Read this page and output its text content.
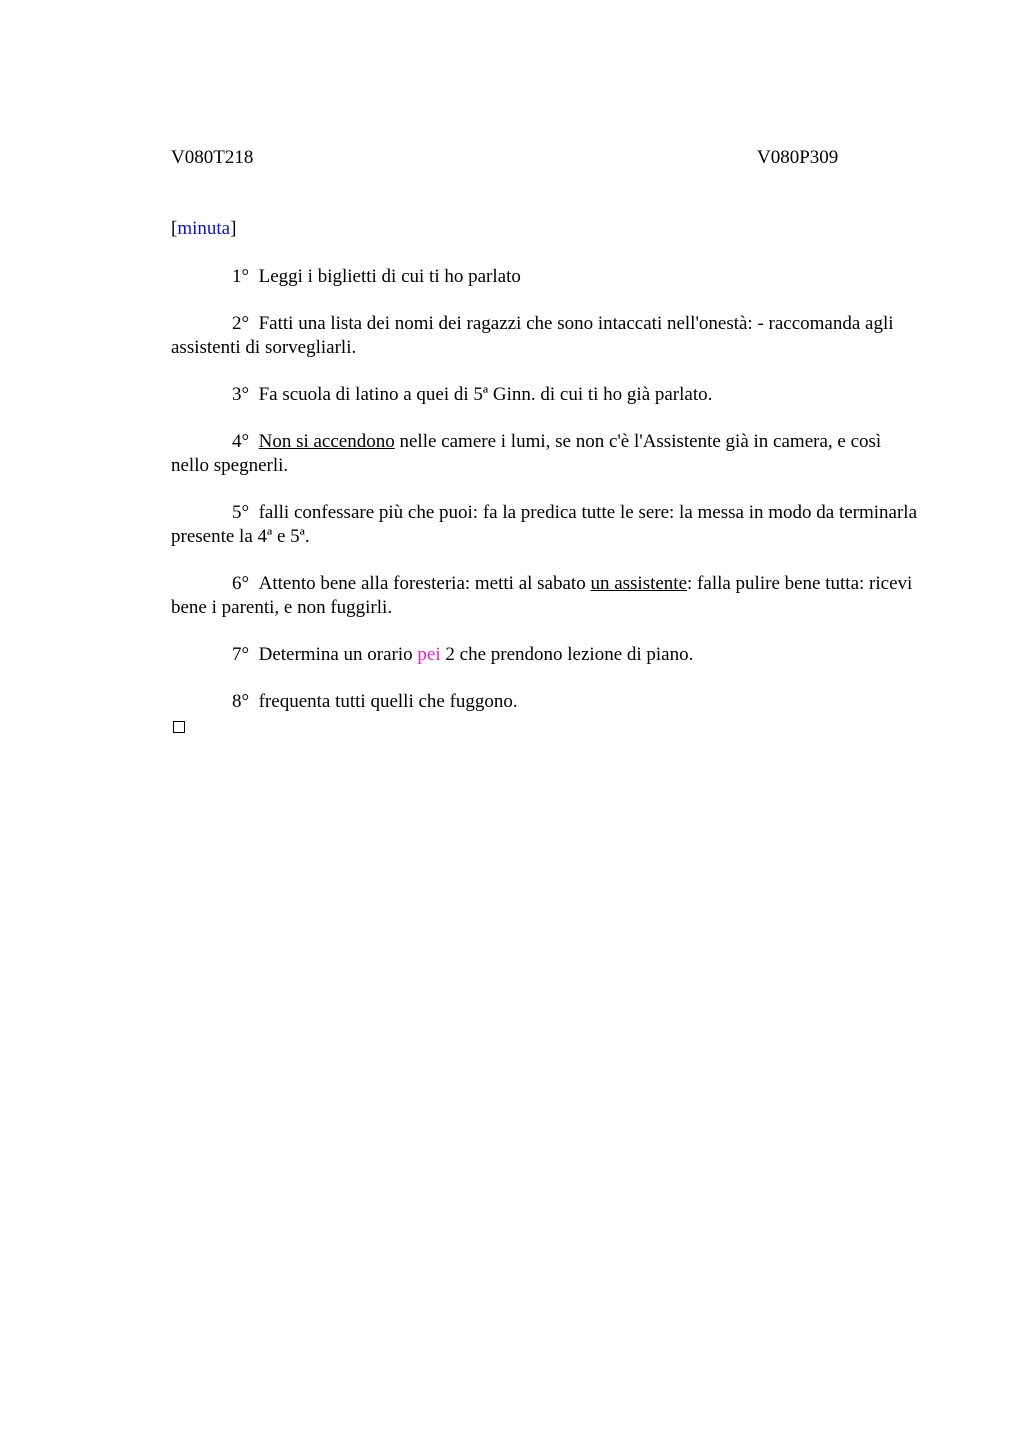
V080T218	V080P309
[minuta]

1° Leggi i biglietti di cui ti ho parlato

2° Fatti una lista dei nomi dei ragazzi che sono intaccati nell'onestà: - raccomanda agli assistenti di sorvegliarli.

3° Fa scuola di latino a quei di 5ª Ginn. di cui ti ho già parlato.

4° Non si accendono nelle camere i lumi, se non c'è l'Assistente già in camera, e così nello spegnerli.

5° falli confessare più che puoi: fa la predica tutte le sere: la messa in modo da terminarla presente la 4ª e 5ª.

6° Attento bene alla foresteria: metti al sabato un assistente: falla pulire bene tutta: ricevi bene i parenti, e non fuggirli.

7° Determina un orario pei 2 che prendono lezione di piano.

8° frequenta tutti quelli che fuggono.
